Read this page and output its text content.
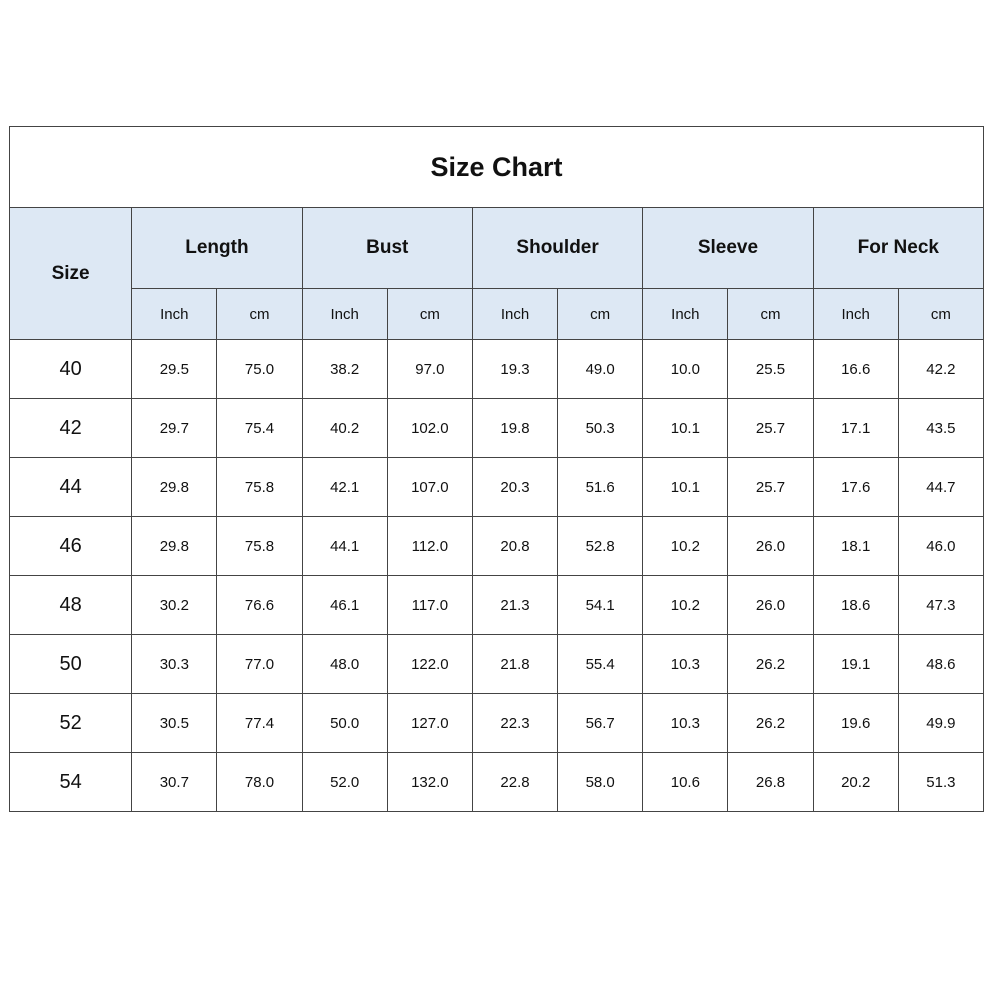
Size Chart										
Size	Length		Bust		Shoulder		Sleeve		For Neck	
	Inch	cm	Inch	cm	Inch	cm	Inch	cm	Inch	cm
40	29.5	75.0	38.2	97.0	19.3	49.0	10.0	25.5	16.6	42.2
42	29.7	75.4	40.2	102.0	19.8	50.3	10.1	25.7	17.1	43.5
44	29.8	75.8	42.1	107.0	20.3	51.6	10.1	25.7	17.6	44.7
46	29.8	75.8	44.1	112.0	20.8	52.8	10.2	26.0	18.1	46.0
48	30.2	76.6	46.1	117.0	21.3	54.1	10.2	26.0	18.6	47.3
50	30.3	77.0	48.0	122.0	21.8	55.4	10.3	26.2	19.1	48.6
52	30.5	77.4	50.0	127.0	22.3	56.7	10.3	26.2	19.6	49.9
54	30.7	78.0	52.0	132.0	22.8	58.0	10.6	26.8	20.2	51.3
